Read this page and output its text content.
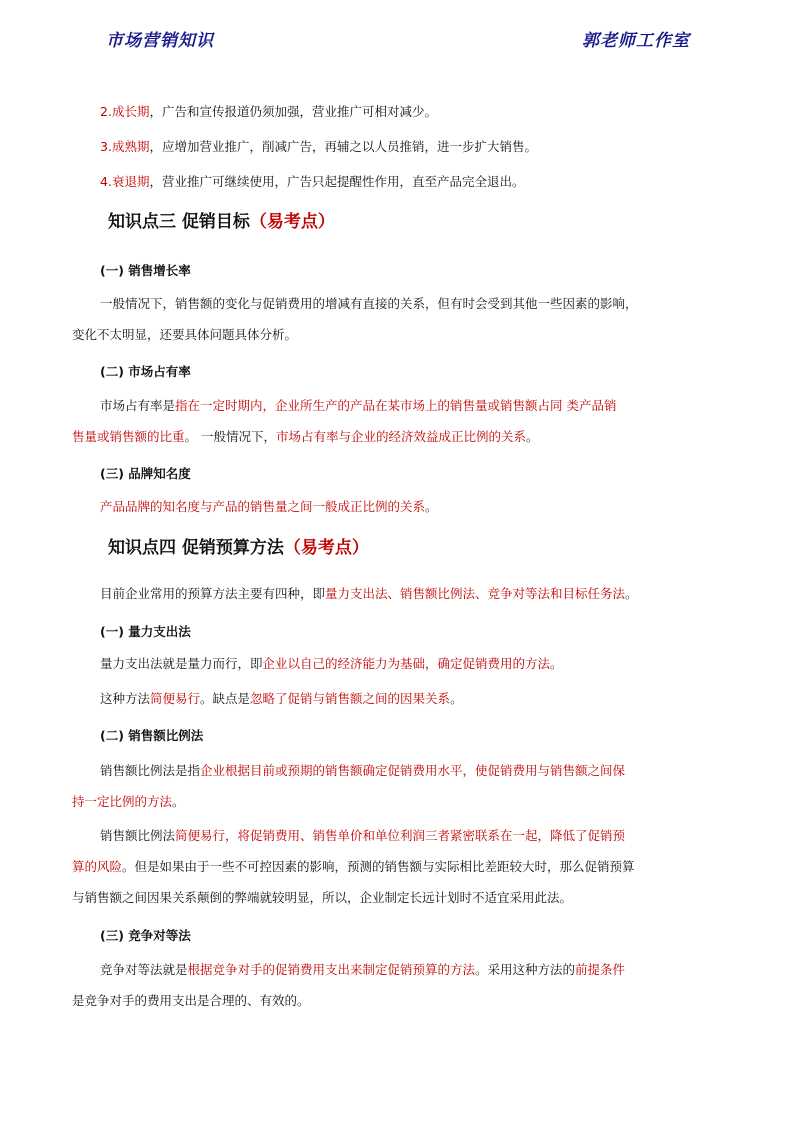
市场营销知识	郭老师工作室
2.成长期，广告和宣传报道仍须加强，营业推广可相对减少。
3.成熟期，应增加营业推广，削减广告，再辅之以人员推销，进一步扩大销售。
4.衰退期，营业推广可继续使用，广告只起提醒性作用，直至产品完全退出。
知识点三 促销目标（易考点）
(一) 销售增长率
一般情况下，销售额的变化与促销费用的增减有直接的关系，但有时会受到其他一些因素的影响，
变化不太明显，还要具体问题具体分析。
(二) 市场占有率
市场占有率是指在一定时期内，企业所生产的产品在某市场上的销售量或销售额占同 类产品销
售量或销售额的比重。 一般情况下，市场占有率与企业的经济效益成正比例的关系。
(三) 品牌知名度
产品品牌的知名度与产品的销售量之间一般成正比例的关系。
知识点四 促销预算方法（易考点）
目前企业常用的预算方法主要有四种，即量力支出法、销售额比例法、竞争对等法和目标任务法。
(一) 量力支出法
量力支出法就是量力而行，即企业以自己的经济能力为基础，确定促销费用的方法。
这种方法简便易行。缺点是忽略了促销与销售额之间的因果关系。
(二) 销售额比例法
销售额比例法是指企业根据目前或预期的销售额确定促销费用水平，使促销费用与销售额之间保
持一定比例的方法。
销售额比例法简便易行，将促销费用、销售单价和单位利润三者紧密联系在一起，降低了促销预
算的风险。但是如果由于一些不可控因素的影响，预测的销售额与实际相比差距较大时，那么促销预算
与销售额之间因果关系颠倒的弊端就较明显，所以，企业制定长远计划时不适宜采用此法。
(三) 竞争对等法
竞争对等法就是根据竞争对手的促销费用支出来制定促销预算的方法。采用这种方法的前提条件
是竞争对手的费用支出是合理的、有效的。
